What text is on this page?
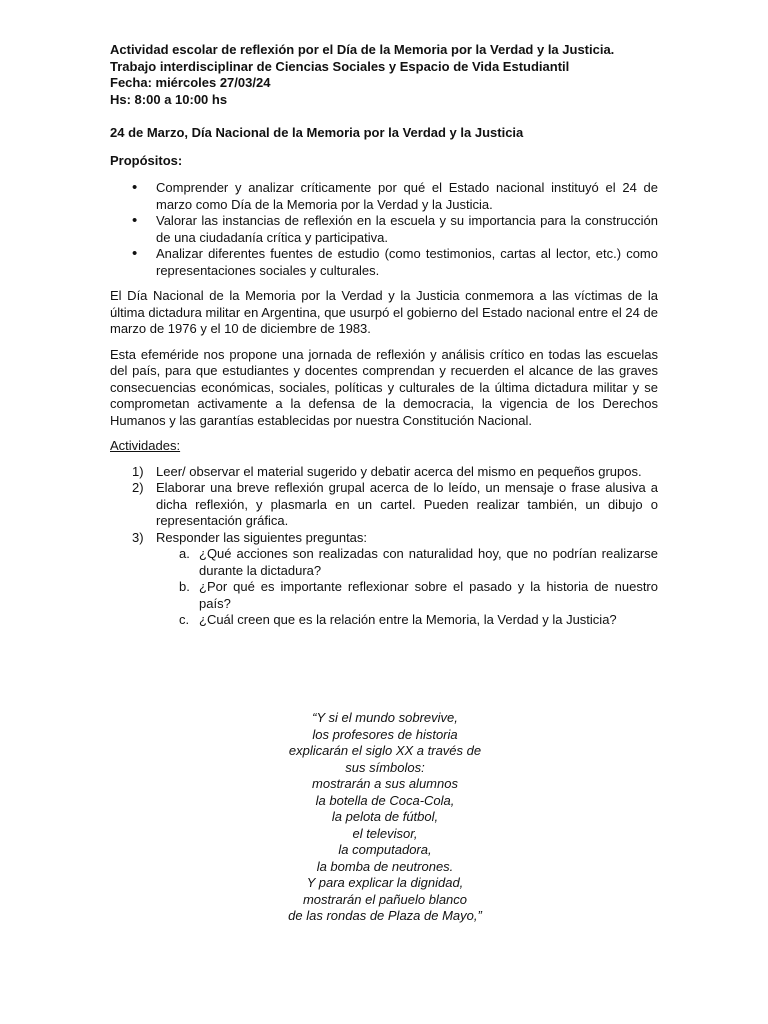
Actividad escolar de reflexión por el Día de la Memoria por la Verdad y la Justicia.

Trabajo interdisciplinar de Ciencias Sociales y Espacio de Vida Estudiantil

Fecha: miércoles 27/03/24

Hs: 8:00 a 10:00 hs

24 de Marzo, Día Nacional de la Memoria por la Verdad y la Justicia

Propósitos:

• Comprender y analizar críticamente por qué el Estado nacional instituyó el 24 de marzo como Día de la Memoria por la Verdad y la Justicia.
• Valorar las instancias de reflexión en la escuela y su importancia para la construcción de una ciudadanía crítica y participativa.
• Analizar diferentes fuentes de estudio (como testimonios, cartas al lector, etc.) como representaciones sociales y culturales.

El Día Nacional de la Memoria por la Verdad y la Justicia conmemora a las víctimas de la última dictadura militar en Argentina, que usurpó el gobierno del Estado nacional entre el 24 de marzo de 1976 y el 10 de diciembre de 1983.

Esta efeméride nos propone una jornada de reflexión y análisis crítico en todas las escuelas del país, para que estudiantes y docentes comprendan y recuerden el alcance de las graves consecuencias económicas, sociales, políticas y culturales de la última dictadura militar y se comprometan activamente a la defensa de la democracia, la vigencia de los Derechos Humanos y las garantías establecidas por nuestra Constitución Nacional.

Actividades:

1) Leer/ observar el material sugerido y debatir acerca del mismo en pequeños grupos.
2) Elaborar una breve reflexión grupal acerca de lo leído, un mensaje o frase alusiva a dicha reflexión, y plasmarla en un cartel. Pueden realizar también, un dibujo o representación gráfica.
3) Responder las siguientes preguntas:
a. ¿Qué acciones son realizadas con naturalidad hoy, que no podrían realizarse durante la dictadura?
b. ¿Por qué es importante reflexionar sobre el pasado y la historia de nuestro país?
c. ¿Cuál creen que es la relación entre la Memoria, la Verdad y la Justicia?
“Y si el mundo sobrevive,
los profesores de historia
explicarán el siglo XX a través de
sus símbolos:
mostrarán a sus alumnos
la botella de Coca-Cola,
la pelota de fútbol,
el televisor,
la computadora,
la bomba de neutrones.
Y para explicar la dignidad,
mostrarán el pañuelo blanco
de las rondas de Plaza de Mayo,”
